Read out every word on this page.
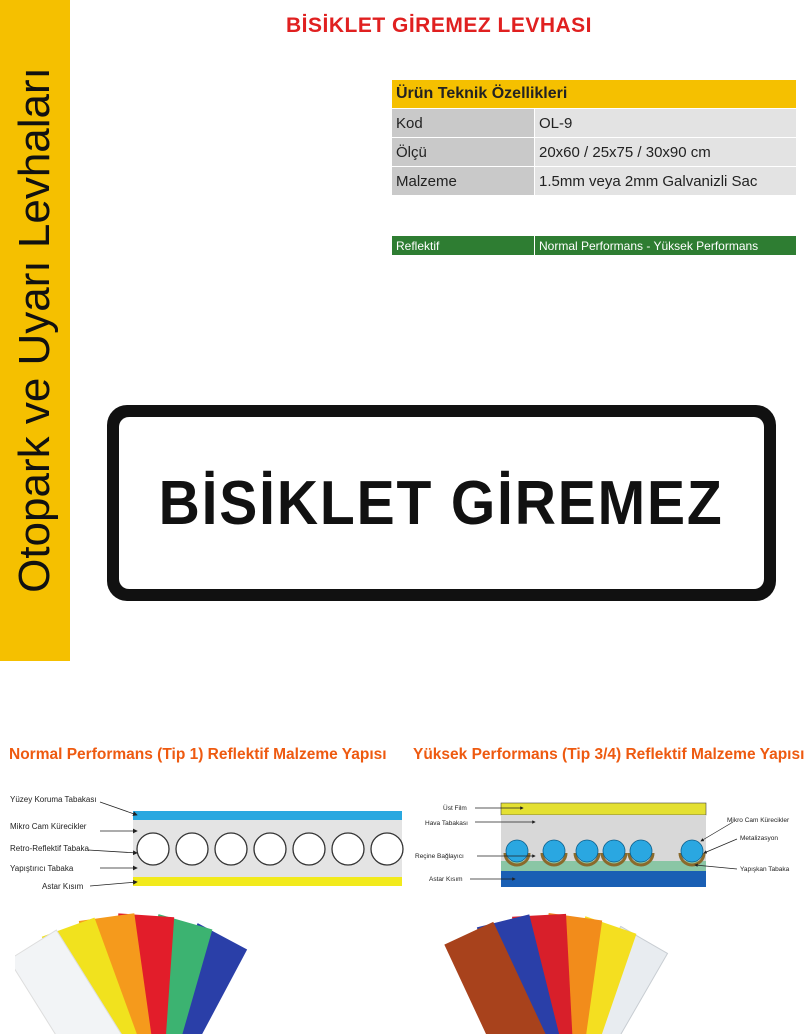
Otopark ve Uyarı Levhaları
BİSİKLET GİREMEZ LEVHASI
Ürün Teknik Özellikleri	
Kod	OL-9
Ölçü	20x60 / 25x75 / 30x90 cm
Malzeme	1.5mm veya 2mm Galvanizli Sac
Reflektif	Normal Performans - Yüksek Performans
BİSİKLET GİREMEZ
Normal Performans (Tip 1) Reflektif Malzeme Yapısı Yüksek Performans (Tip 3/4) Reflektif Malzeme Yapısı
Yüzey Koruma Tabakası
Mikro Cam Kürecikler
Retro-Reflektif Tabaka
Yapıştırıcı Tabaka
Astar Kısım
Üst Film
Hava Tabakası
Reçine Bağlayıcı
Astar Kısım
Mikro Cam Kürecikler
Metalizasyon
Yapışkan Tabaka
